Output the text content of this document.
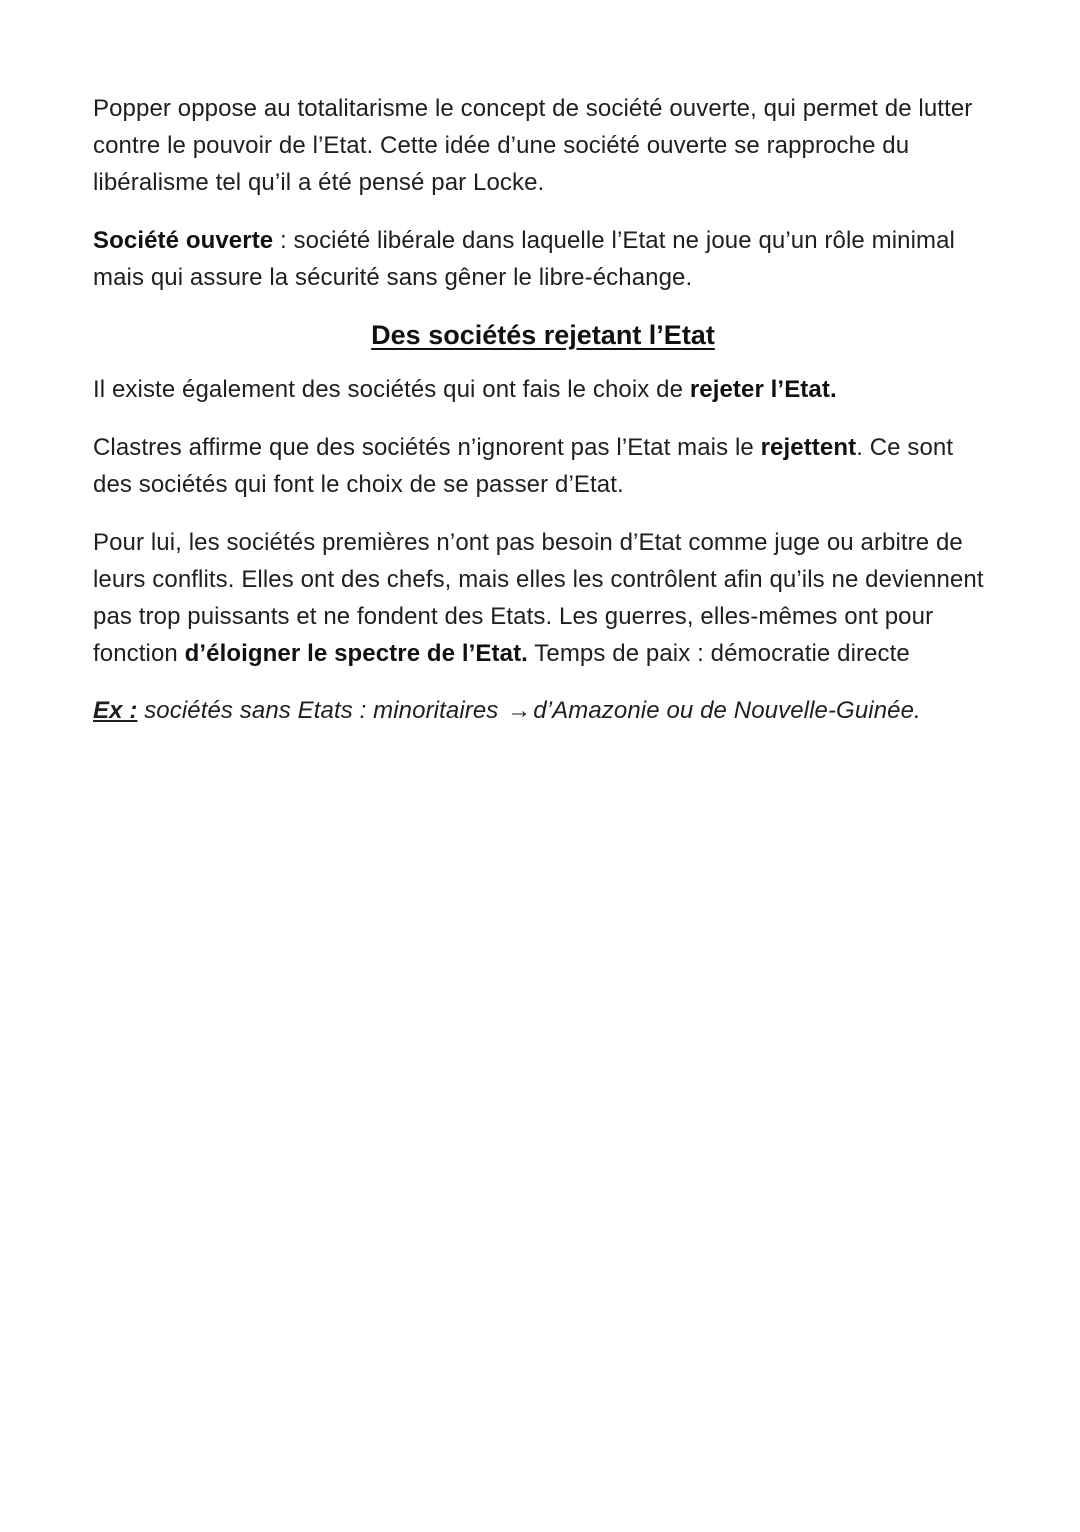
Popper oppose au totalitarisme le concept de société ouverte, qui permet de lutter contre le pouvoir de l’Etat. Cette idée d’une société ouverte se rapproche du libéralisme tel qu’il a été pensé par Locke.

Société ouverte : société libérale dans laquelle l’Etat ne joue qu’un rôle minimal mais qui assure la sécurité sans gêner le libre-échange.

Des sociétés rejetant l’Etat

Il existe également des sociétés qui ont fais le choix de rejeter l’Etat.

Clastres affirme que des sociétés n’ignorent pas l’Etat mais le rejettent. Ce sont des sociétés qui font le choix de se passer d’Etat.

Pour lui, les sociétés premières n’ont pas besoin d’Etat comme juge ou arbitre de leurs conflits. Elles ont des chefs, mais elles les contrôlent afin qu’ils ne deviennent pas trop puissants et ne fondent des Etats. Les guerres, elles-mêmes ont pour fonction d’éloigner le spectre de l’Etat. Temps de paix : démocratie directe

Ex : sociétés sans Etats : minoritaires →d’Amazonie ou de Nouvelle-Guinée.
